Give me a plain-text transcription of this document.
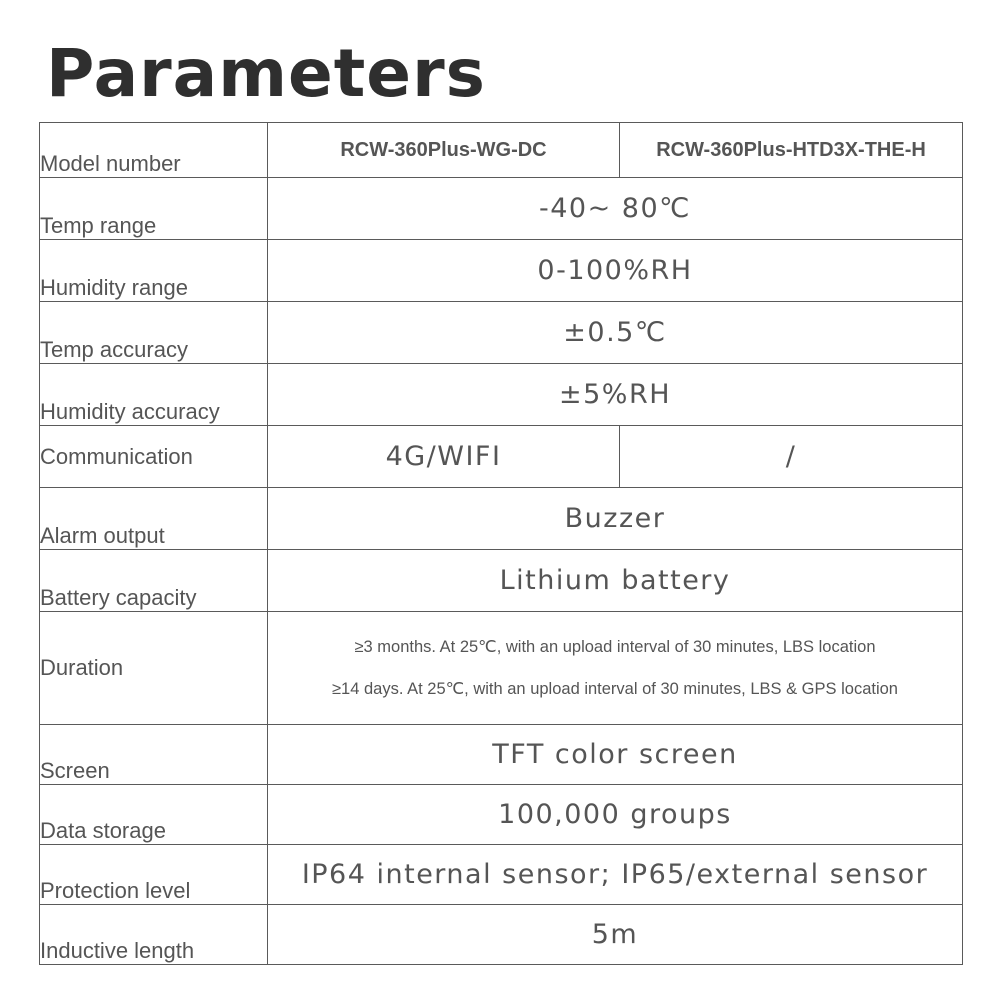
Parameters
Model number	RCW-360Plus-WG-DC	RCW-360Plus-HTD3X-THE-H
Temp range	-40~ 80℃	
Humidity range	0-100%RH	
Temp accuracy	±0.5℃	
Humidity accuracy	±5%RH	
Communication	4G/WIFI	/
Alarm output	Buzzer	
Battery capacity	Lithium battery	
Duration	≥3 months. At 25℃, with an upload interval of 30 minutes, LBS location
≥14 days. At 25℃, with an upload interval of 30 minutes, LBS & GPS location	

Screen	TFT color screen	
Data storage	100,000 groups	
Protection level	IP64 internal sensor; IP65/external sensor	
Inductive length	5m	
